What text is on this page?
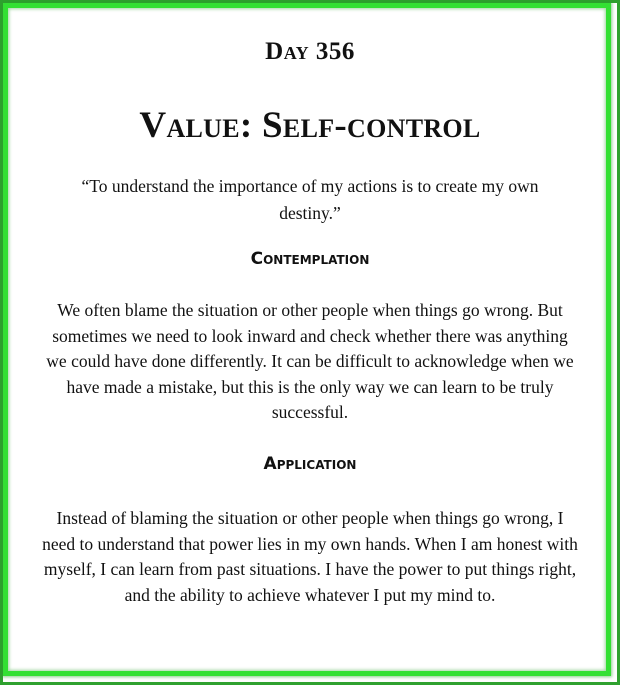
Day 356
Value: Self-control

“To understand the importance of my actions is to create my own destiny.”

Contemplation

We often blame the situation or other people when things go wrong. But sometimes we need to look inward and check whether there was anything we could have done differently. It can be difficult to acknowledge when we have made a mistake, but this is the only way we can learn to be truly successful.

Application

Instead of blaming the situation or other people when things go wrong, I need to understand that power lies in my own hands. When I am honest with myself, I can learn from past situations. I have the power to put things right, and the ability to achieve whatever I put my mind to.
